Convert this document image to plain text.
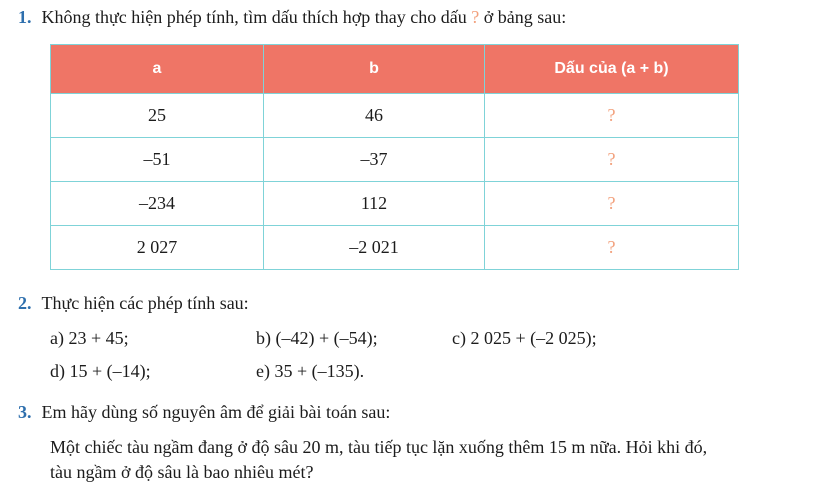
1. Không thực hiện phép tính, tìm dấu thích hợp thay cho dấu ? ở bảng sau:
a	b	Dấu của (a + b)
25	46	?
–51	–37	?
–234	112	?
2 027	–2 021	?
2. Thực hiện các phép tính sau:
a) 23 + 45;	b) (–42) + (–54);	c) 2 025 + (–2 025);
d) 15 + (–14);	e) 35 + (–135).
3. Em hãy dùng số nguyên âm để giải bài toán sau:
Một chiếc tàu ngầm đang ở độ sâu 20 m, tàu tiếp tục lặn xuống thêm 15 m nữa. Hỏi khi đó,
tàu ngầm ở độ sâu là bao nhiêu mét?
